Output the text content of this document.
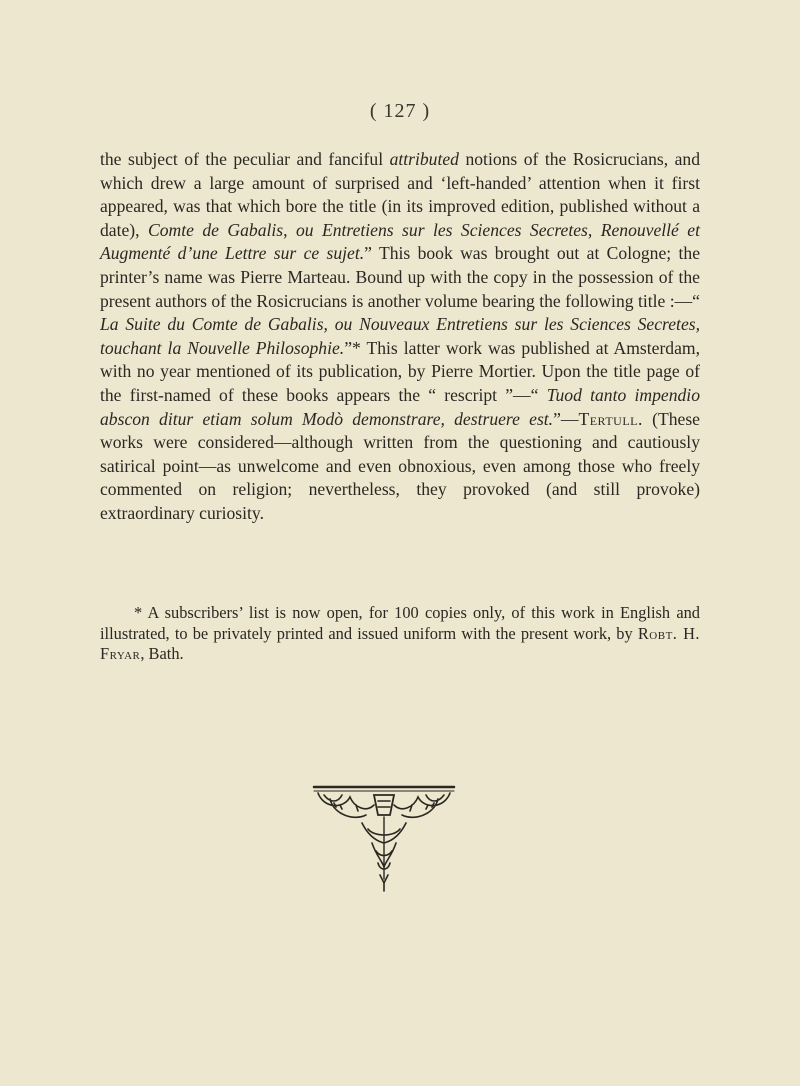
( 127 )
the subject of the peculiar and fanciful attributed notions of the Rosicrucians, and which drew a large amount of surprised and ‘left-handed’ attention when it first appeared, was that which bore the title (in its improved edition, published without a date), Comte de Gabalis, ou Entretiens sur les Sciences Secretes, Renouvellé et Augmenté d’une Lettre sur ce sujet.” This book was brought out at Cologne; the printer’s name was Pierre Marteau. Bound up with the copy in the possession of the present authors of the Rosicrucians is another volume bearing the following title :—“ La Suite du Comte de Gabalis, ou Nouveaux Entretiens sur les Sciences Secretes, touchant la Nouvelle Philosophie.”* This latter work was published at Amsterdam, with no year mentioned of its publication, by Pierre Mortier. Upon the title page of the first-named of these books appears the “ rescript ”—“ Tuod tanto impendio abscon ditur etiam solum Modò demonstrare, destruere est.”—Tertull. (These works were considered—although written from the questioning and cautiously satirical point—as unwelcome and even obnoxious, even among those who freely commented on religion; nevertheless, they provoked (and still provoke) extraordinary curiosity.
* A subscribers’ list is now open, for 100 copies only, of this work in English and illustrated, to be privately printed and issued uniform with the present work, by Robt. H. Fryar, Bath.
